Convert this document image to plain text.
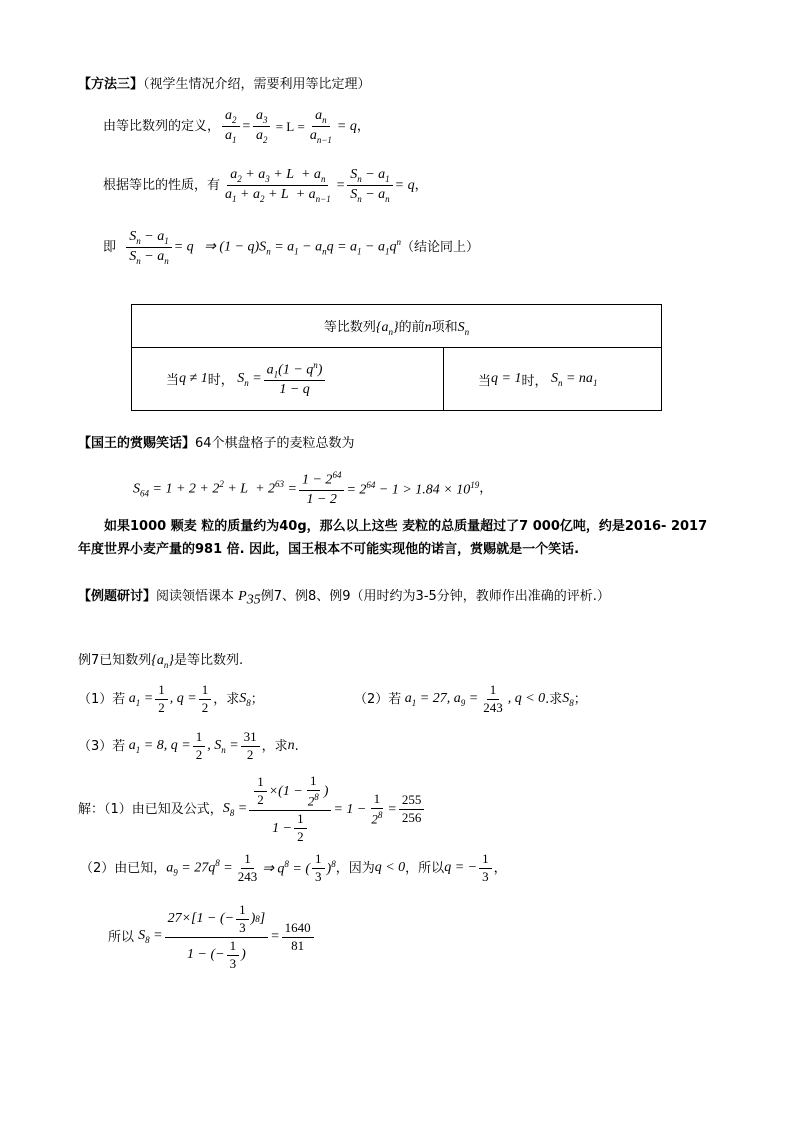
【方法三】（视学生情况介绍，需要利用等比定理）
由等比数列的定义， $\frac{a_2}{a_1} = \frac{a_3}{a_2} = L = \frac{a_n}{a_{n-1}} = q$ ，
根据等比的性质，有 $\frac{a_2 + a_3 + L + a_n}{a_1 + a_2 + L + a_{n-1}} = \frac{S_n - a_1}{S_n - a_n} = q$ ，
即
$\frac{S_n - a_1}{S_n - a_n} = q$   ⇒ $(1 - q)S_n = a_1 - a_nq = a_1 - a_1q^n$ （结论同上）
等比数列$\{a_n\}$的前n项和$S_n$

当 q ≠ 1 时， $S_n = \frac{a_1(1 - q^n)}{1 - q}$	当 q = 1 时， $S_n = na_1$
【国王的赏赐笑话】64个棋盘格子的麦粒总数为
$S_{64} = 1 + 2 + 2^2 + L + 2^{63} = \frac{1 - 2^{64}}{1 - 2} = 2^{64} - 1 > 1.84 \times 10^{19}$ ，
如果1000 颗麦 粒的质量约为40g，那么以上这些 麦粒的总质量超过了7 000亿吨，约是2016- 2017
年度世界小麦产量的981 倍. 因此，国王根本不可能实现他的诺言，赏赐就是一个笑话.
【例题研讨】阅读领悟课本 $P_{35}$例7、例8、例9（用时约为3-5分钟，教师作出准确的评析.）
例7已知数列$\{a_n\}$是等比数列.
（1）若 $a_1 = \frac{1}{2}$ , $q = \frac{1}{2}$ ，求 $S_8$ ；	（2）若 $a_1 = 27$, $a_9 = \frac{1}{243}$ , q < 0 .求 $S_8$ ；
（3）若 $a_1 = 8$, $q = \frac{1}{2}$ , $S_n = \frac{31}{2}$ ，求 n .
解：（1）由已知及公式， $S_8 = \frac{\frac{1}{2} \times(1 - \frac{1}{2^8} )}{1 - \frac{1}{2}} = 1 - \frac{1}{2^8} = \frac{255}{256}$
（2）由已知， $a_9 = 27q^8 = \frac{1}{243}$ ⇒ $q^8$ = ( $\frac{1}{3} )^8$ ，因为 q < 0 ，所以 q = − $\frac{1}{3}$ ，
所以
$S_8 = \frac{27\times[1 - (- \frac{1}{3} ) 8 ]}{1 - (- \frac{1}{3} )} = \frac{1640}{81}$
